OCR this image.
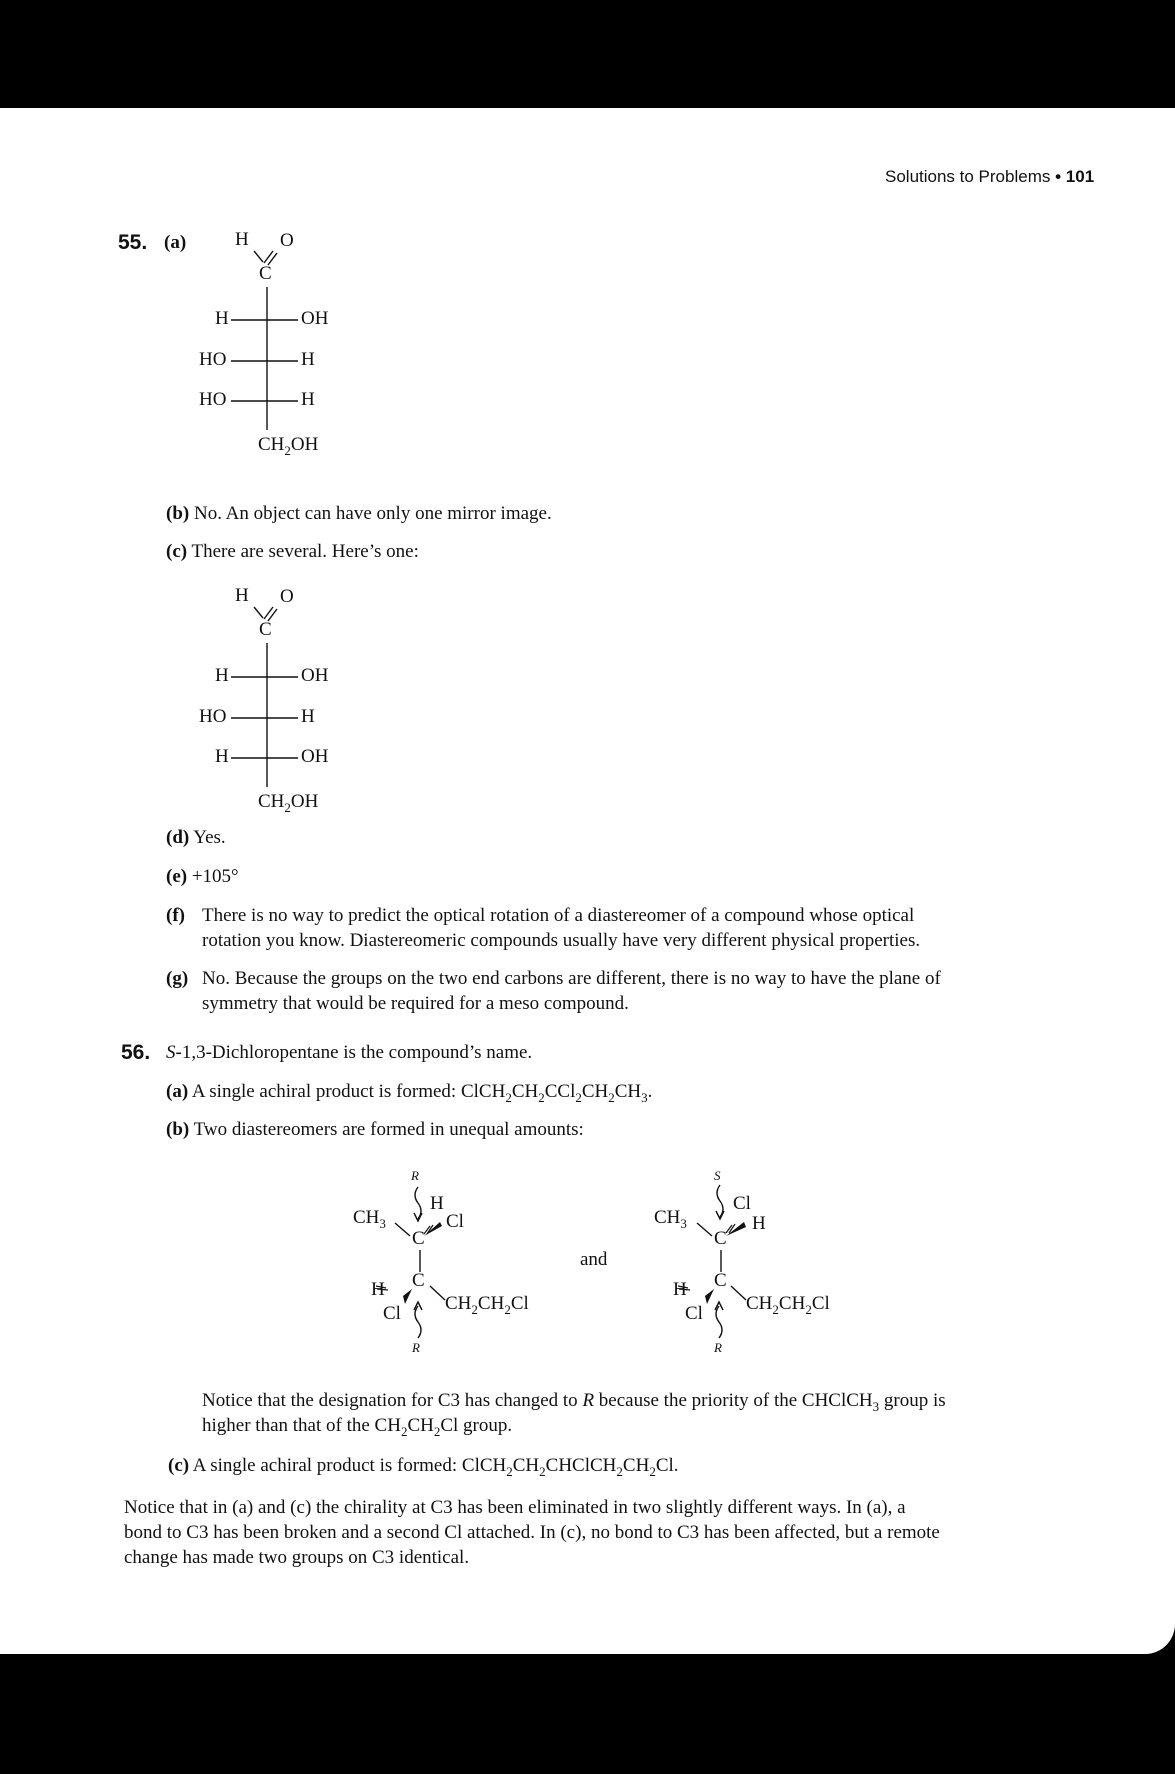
Solutions to Problems • 101
55. (a)	H O
C
H	OH
HO	H
HO	H
$CH_2OH$
(b) No. An object can have only one mirror image.
(c) There are several. Here’s one:
H O
C
H	OH
HO	H
H	OH
$CH_2OH$
(d) Yes.
(e) +105°
(f) There is no way to predict the optical rotation of a diastereomer of a compound whose optical
rotation you know. Diastereomeric compounds usually have very different physical properties.
(g) No. Because the groups on the two end carbons are different, there is no way to have the plane of
symmetry that would be required for a meso compound.
56. S-1,3-Dichloropentane is the compound’s name.
(a) A single achiral product is formed: $ClCH_2CH_2CCl_2CH_2CH_3$.
(b) Two diastereomers are formed in unequal amounts:
R
$CH_3$
H
Cl
C
H C
Cl $CH_2CH_2Cl$
R
and
S
$CH_3$
Cl
H
C
H C
Cl $CH_2CH_2Cl$
R
Notice that the designation for C3 has changed to R because the priority of the CHClCH$_3$ group is
higher than that of the $CH_2CH_2Cl$ group.
(c) A single achiral product is formed: $ClCH_2CH_2CHClCH_2CH_2Cl$.
Notice that in (a) and (c) the chirality at C3 has been eliminated in two slightly different ways. In (a), a
bond to C3 has been broken and a second Cl attached. In (c), no bond to C3 has been affected, but a remote
change has made two groups on C3 identical.
